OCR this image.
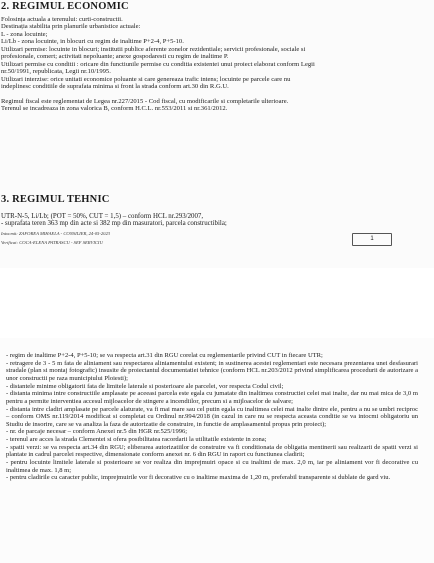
2. REGIMUL ECONOMIC

Folosința actuala a terenului: curti-constructii.

Destinația stabilita prin planurile urbanistice actuale:

L - zona locuinte;

Li/Lb - zona locuinte, in blocuri cu regim de inaltime P+2-4, P+5-10.

Utilizari permise: locuinte in blocuri; institutii publice aferente zonelor rezidentiale; servicii profesionale, sociale si

profesionale, comert; activitati nepoluante; anexe gospodaresti cu regim de inaltime P.

Utilizari permise cu conditii : oricare din functiunile permise cu conditia existentei unui proiect elaborat conform Legii

nr.50/1991, republicata, Legii nr.10/1995.

Utilizari interzise: orice unitati economice poluante si care genereaza trafic intens; locuinte pe parcele care nu

indeplinesc conditiile de suprafata minima si front la strada conform art.30 din R.G.U.

Regimul fiscal este reglementat de Legea nr.227/2015 - Cod fiscal, cu modificarile si completarile ulterioare.

Terenul se incadreaza in zona valorica B, conform H.C.L. nr.553/2011 si nr.361/2012.

3. REGIMUL TEHNIC

UTR-N-5, Li/Lb; (POT = 50%, CUT = 1,5) – conform HCL nr.293/2007,

- suprafata teren 363 mp din acte si 382 mp din masuratori, parcela constructibila;

Intocmit: ZAFOREA MIHAELA - CONSILIER, 24-05-2023
Verificat: COCA-ELENA PATRASCU - SEF SERVICIU
1

- regim de inaltime P+2-4, P+5-10; se va respecta art.31 din RGU corelat cu reglementarile privind CUT in fiecare UTR;

- retragere de 3 - 5 m fata de aliniament sau respectarea aliniamentului existent; in sustinerea acestei reglementari este necesara prezentarea unei desfasurari stradale (plan si montaj fotografic) insusite de proiectantul documentatiei tehnice (conform HCL nr.203/2012 privind simplificarea procedurii de autorizare a unor constructii pe raza municipiului Ploiesti);

- distantele minime obligatorii fata de limitele laterale si posterioare ale parcelei, vor respecta Codul civil;

- distanta minima intre constructiile amplasate pe aceeasi parcela este egala cu jumatate din inaltimea constructiei celei mai inalte, dar nu mai mica de 3,0 m pentru a permite interventiea accesul mijloacelor de stingere a incendiilor, precum si a mijloacelor de salvare;

- distanta intre cladiri amplasate pe parcele alaturate, va fi mai mare sau cel putin egala cu inaltimea celei mai inalte dintre ele, pentru a nu se umbri reciproc – conform OMS nr.119/2014 modificat si completat cu Ordinul nr.994/2018 (in cazul in care nu se respecta aceasta conditie se va intocmi obligatoriu un Studiu de insorire, care se va analiza la faza de autorizatie de construire, in functie de amplasamentul propus prin proiect);

- nr. de parcaje necesar – conform Anexei nr.5 din HGR nr.525/1996;

- terenul are acces la strada Clementei si ofera posibilitatea racordarii la utilitatile existente in zona;

- spatii verzi: se va respecta art.34 din RGU; eliberarea autorizatiilor de construire va fi conditionata de obligatia mentinerii sau realizarii de spatii verzi si plantate in cadrul parcelei respective, dimensionate conform anexei nr. 6 din RGU in raport cu functiunea cladirii;

- pentru locuinte limitele laterale si posterioare se vor realiza din imprejmuiri opace si cu inaltimi de max. 2,0 m, iar pe aliniament vor fi decorative cu inaltimea de max. 1,8 m;

- pentru cladirile cu caracter public, imprejmuirile vor fi decorative cu o inaltime maxima de 1,20 m, preferabil transparente si dublate de gard viu.
